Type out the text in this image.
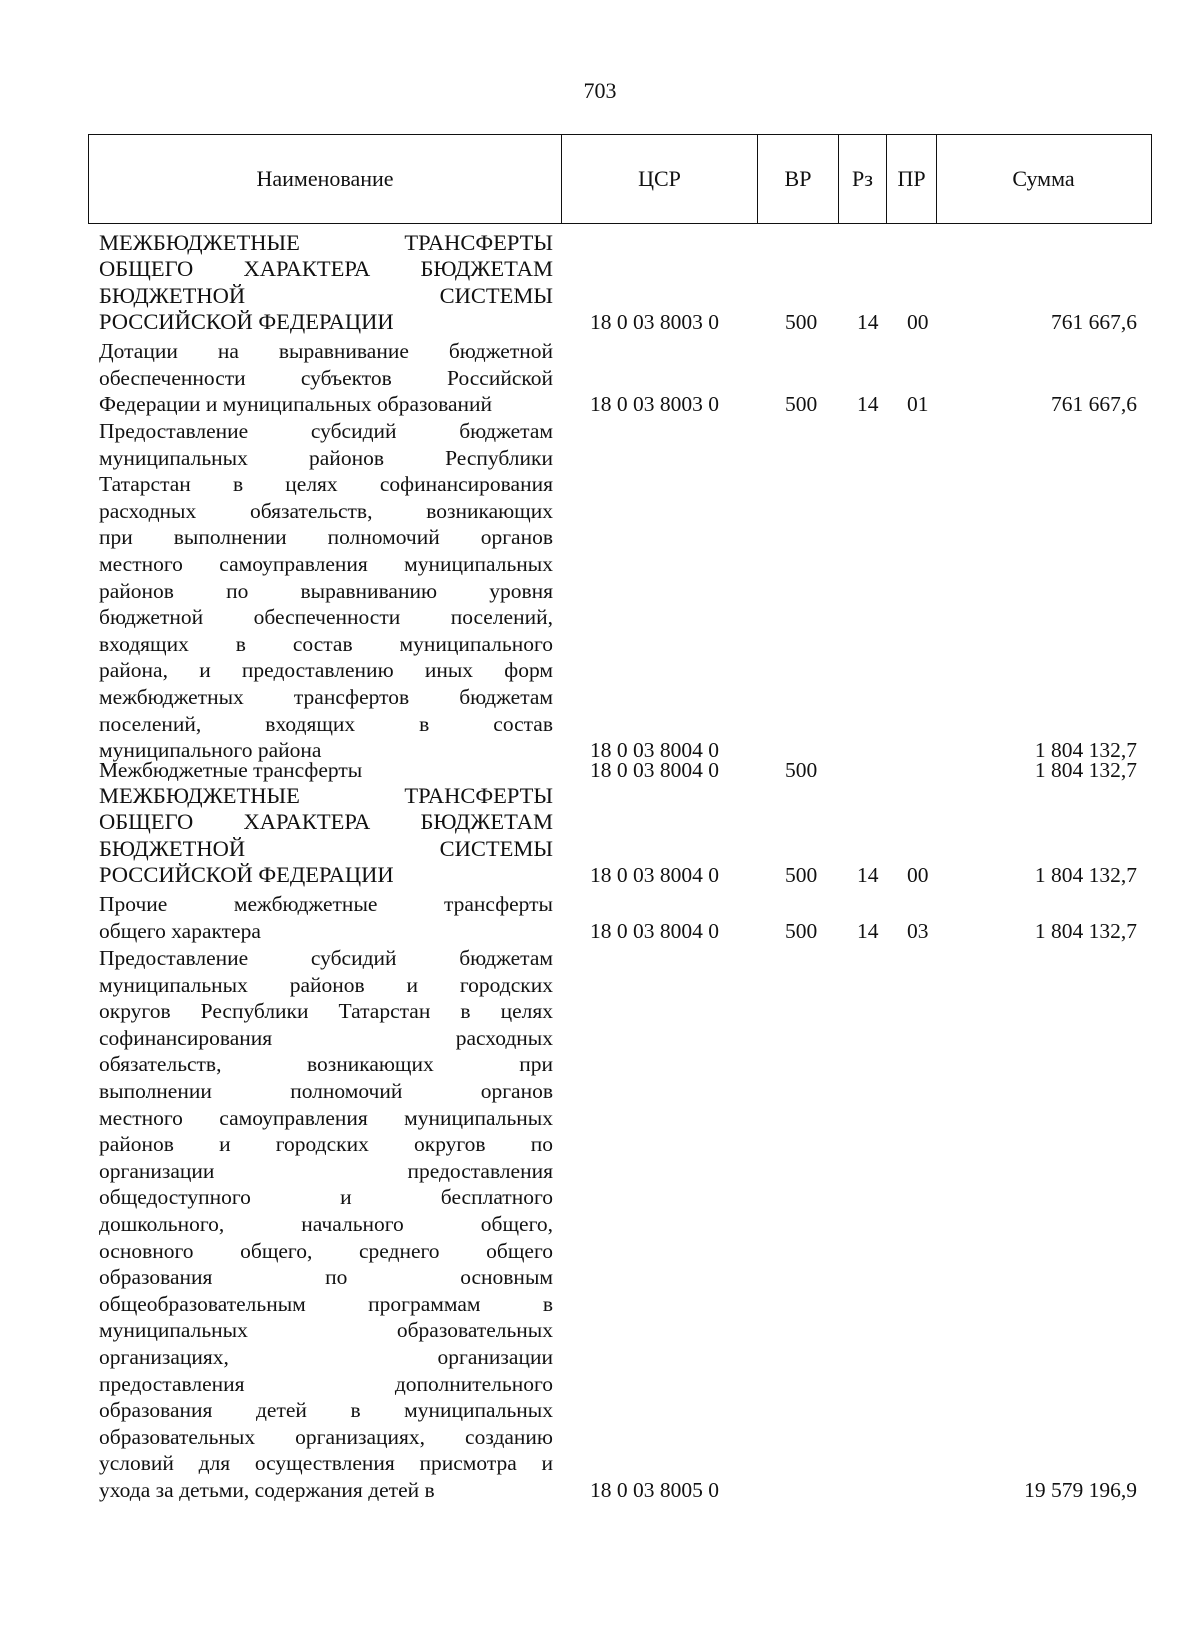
703
Наименование	ЦСР	ВР	Рз	ПР	Сумма
МЕЖБЮДЖЕТНЫЕ ТРАНСФЕРТЫ
ОБЩЕГО ХАРАКТЕРА БЮДЖЕТАМ
БЮДЖЕТНОЙ СИСТЕМЫ
РОССИЙСКОЙ ФЕДЕРАЦИИ	18 0 03 8003 0	500 14 00	761 667,6
Дотации на выравнивание бюджетной
обеспеченности субъектов Российской
Федерации и муниципальных образований	18 0 03 8003 0	500 14 01	761 667,6
Предоставление субсидий бюджетам
муниципальных районов Республики
Татарстан в целях софинансирования
расходных обязательств, возникающих
при выполнении полномочий органов
местного самоуправления муниципальных
районов по выравниванию уровня
бюджетной обеспеченности поселений,
входящих в состав муниципального
района, и предоставлению иных форм
межбюджетных трансфертов бюджетам
поселений, входящих в состав
муниципального района	18 0 03 8004 0	1 804 132,7
Межбюджетные трансферты	18 0 03 8004 0	500	1 804 132,7
МЕЖБЮДЖЕТНЫЕ ТРАНСФЕРТЫ
ОБЩЕГО ХАРАКТЕРА БЮДЖЕТАМ
БЮДЖЕТНОЙ СИСТЕМЫ
РОССИЙСКОЙ ФЕДЕРАЦИИ	18 0 03 8004 0	500 14 00	1 804 132,7
Прочие межбюджетные трансферты
общего характера	18 0 03 8004 0	500 14 03	1 804 132,7
Предоставление субсидий бюджетам
муниципальных районов и городских
округов Республики Татарстан в целях
софинансирования расходных
обязательств, возникающих при
выполнении полномочий органов
местного самоуправления муниципальных
районов и городских округов по
организации предоставления
общедоступного и бесплатного
дошкольного, начального общего,
основного общего, среднего общего
образования по основным
общеобразовательным программам в
муниципальных образовательных
организациях, организации
предоставления дополнительного
образования детей в муниципальных
образовательных организациях, созданию
условий для осуществления присмотра и
ухода за детьми, содержания детей в	18 0 03 8005 0	19 579 196,9
